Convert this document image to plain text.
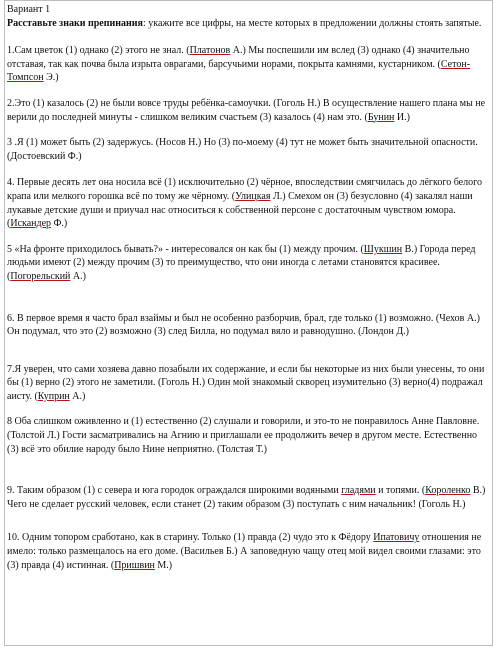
Вариант 1

Расставьте знаки препинания: укажите все цифры, на месте которых в предложении должны стоять запятые.

1.Сам цветок (1) однако (2) этого не знал. (Платонов А.) Мы поспешили им вслед (3) однако (4) значительно отставая, так как почва была изрыта оврагами, барсучьими норами, покрыта камнями, кустарником. (Сетон-Томпсон Э.)

2.Это (1) казалось (2) не были вовсе труды ребёнка-самоучки. (Гоголь Н.) В осуществление нашего плана мы не верили до последней минуты - слишком великим счастьем (3) казалось (4) нам это. (Бунин И.)

3 .Я (1) может быть (2) задержусь. (Носов Н.) Но (3) по-моему (4) тут не может быть значительной опасности. (Достоевский Ф.)

4. Первые десять лет она носила всё (1) исключительно (2) чёрное, впоследствии смягчилась до лёгкого белого крапа или мелкого горошка всё по тому же чёрному. (Улицкая Л.) Смехом он (3) безусловно (4) закалял наши лукавые детские души и приучал нас относиться к собственной персоне с достаточным чувством юмора. (Искандер Ф.)

5 «На фронте приходилось бывать?» - интересовался он как бы (1) между прочим. (Шукшин В.) Города перед людьми имеют (2) между прочим (3) то преимущество, что они иногда с летами становятся красивее. (Погорельский А.)

6. В первое время я часто брал взаймы и был не особенно разборчив, брал, где только (1) возможно. (Чехов А.) Он подумал, что это (2) возможно (3) след Билла, но подумал вяло и равнодушно. (Лондон Д.)

7.Я уверен, что сами хозяева давно позабыли их содержание, и если бы некоторые из них были унесены, то они бы (1) верно (2) этого не заметили. (Гоголь Н.) Один мой знакомый скворец изумительно (3) верно(4) подражал аисту. (Куприн А.)

8 Оба слишком оживленно и (1) естественно (2) слушали и говорили, и это-то не понравилось Анне Павловне. (Толстой Л.) Гости засматривались на Агнию и приглашали ее продолжить вечер в другом месте. Естественно (3) всё это обилие народу было Нине неприятно. (Толстая Т.)

9. Таким образом (1) с севера и юга городок ограждался широкими водяными гладями и топями. (Короленко В.) Чего не сделает русский человек, если станет (2) таким образом (3) поступать с ним начальник! (Гоголь Н.)

10. Одним топором сработано, как в старину. Только (1) правда (2) чудо это к Фёдору Ипатовичу отношения не имело: только размещалось на его доме. (Васильев Б.) А заповедную чащу отец мой видел своими глазами: это (3) правда (4) истинная. (Пришвин М.)
